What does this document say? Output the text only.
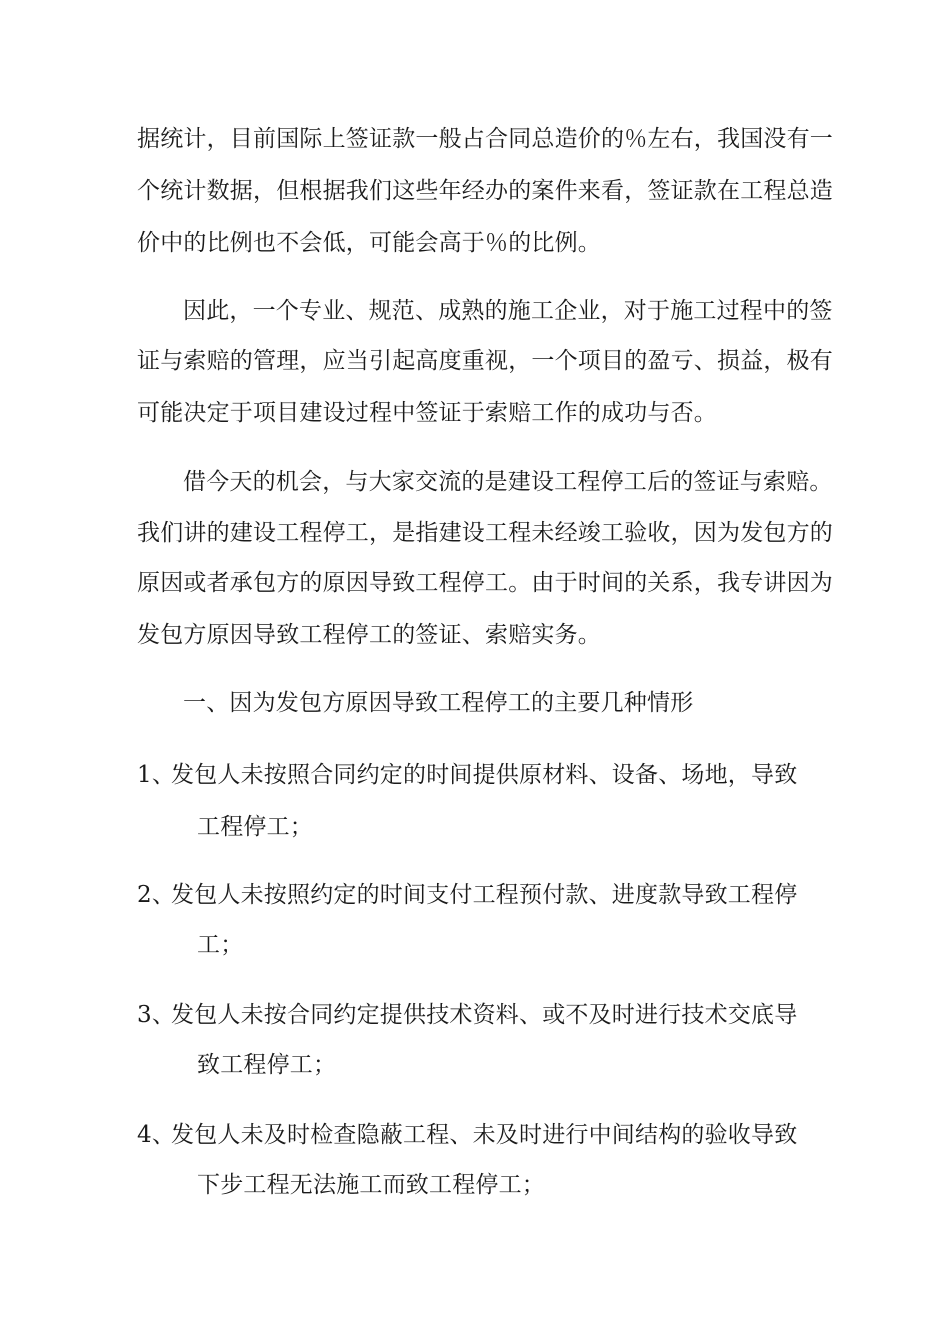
据统计，目前国际上签证款一般占合同总造价的％左右，我国没有一
个统计数据，但根据我们这些年经办的案件来看，签证款在工程总造
价中的比例也不会低，可能会高于％的比例。
因此，一个专业、规范、成熟的施工企业，对于施工过程中的签
证与索赔的管理，应当引起高度重视，一个项目的盈亏、损益，极有
可能决定于项目建设过程中签证于索赔工作的成功与否。
借今天的机会，与大家交流的是建设工程停工后的签证与索赔。
我们讲的建设工程停工，是指建设工程未经竣工验收，因为发包方的
原因或者承包方的原因导致工程停工。由于时间的关系，我专讲因为
发包方原因导致工程停工的签证、索赔实务。
一、因为发包方原因导致工程停工的主要几种情形
1、
发包人未按照合同约定的时间提供原材料、设备、场地，导致
工程停工；
2、
发包人未按照约定的时间支付工程预付款、进度款导致工程停
工；
3、
发包人未按合同约定提供技术资料、或不及时进行技术交底导
致工程停工；
4、
发包人未及时检查隐蔽工程、未及时进行中间结构的验收导致
下步工程无法施工而致工程停工；
